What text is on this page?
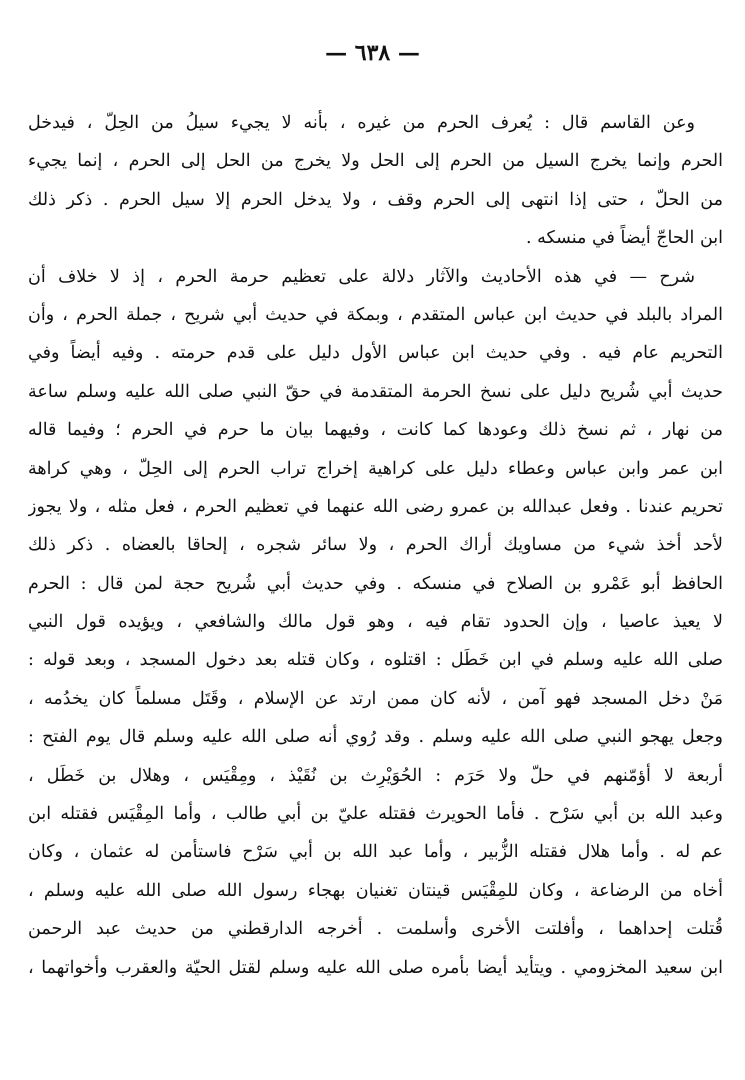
— ٦٣٨ —
وعن القاسم قال : يُعرف الحرم من غيره ، بأنه لا يجيء سيلُ من الحِلّ ، فيدخل
الحرم وإنما يخرج السيل من الحرم إلى الحل ولا يخرج من الحل إلى الحرم ، إنما يجيء
من الحلّ ، حتى إذا انتهى إلى الحرم وقف ، ولا يدخل الحرم إلا سيل الحرم . ذكر ذلك
ابن الحاجّ أيضاً في منسكه .
شرح — في هذه الأحاديث والآثار دلالة على تعظيم حرمة الحرم ، إذ لا خلاف أن
المراد بالبلد في حديث ابن عباس المتقدم ، وبمكة في حديث أبي شريح ، جملة الحرم ، وأن
التحريم عام فيه . وفي حديث ابن عباس الأول دليل على قدم حرمته . وفيه أيضاً وفي
حديث أبي شُريح دليل على نسخ الحرمة المتقدمة في حقّ النبي صلى الله عليه وسلم ساعة
من نهار ، ثم نسخ ذلك وعودها كما كانت ، وفيهما بيان ما حرم في الحرم ؛ وفيما قاله
ابن عمر وابن عباس وعطاء دليل على كراهية إخراج تراب الحرم إلى الحِلّ ، وهي كراهة
تحريم عندنا . وفعل عبدالله بن عمرو رضى الله عنهما في تعظيم الحرم ، فعل مثله ، ولا يجوز
لأحد أخذ شيء من مساويك أراك الحرم ، ولا سائر شجره ، إلحاقا بالعضاه . ذكر ذلك
الحافظ أبو عَمْرو بن الصلاح في منسكه . وفي حديث أبي شُريح حجة لمن قال : الحرم
لا يعيذ عاصيا ، وإن الحدود تقام فيه ، وهو قول مالك والشافعي ، ويؤيده قول النبي
صلى الله عليه وسلم في ابن خَطَل : اقتلوه ، وكان قتله بعد دخول المسجد ، وبعد قوله :
مَنْ دخل المسجد فهو آمن ، لأنه كان ممن ارتد عن الإسلام ، وقَتَل مسلماً كان يخدُمه ،
وجعل يهجو النبي صلى الله عليه وسلم . وقد رُوي أنه صلى الله عليه وسلم قال يوم الفتح :
أربعة لا أؤمّنهم في حلّ ولا حَرَم : الحُوَيْرِث بن نُقَيْذ ، ومِقْيَس ، وهلال بن خَطَل ،
وعبد الله بن أبي سَرْح . فأما الحويرث فقتله عليّ بن أبي طالب ، وأما المِقْيَس فقتله ابن
عم له . وأما هلال فقتله الزُّبير ، وأما عبد الله بن أبي سَرْح فاستأمن له عثمان ، وكان
أخاه من الرضاعة ، وكان للمِقْيَس قينتان تغنيان بهجاء رسول الله صلى الله عليه وسلم ،
قُتلت إحداهما ، وأفلتت الأخرى وأسلمت . أخرجه الدارقطني من حديث عبد الرحمن
ابن سعيد المخزومي . ويتأيد أيضا بأمره صلى الله عليه وسلم لقتل الحيّة والعقرب وأخواتهما ،
